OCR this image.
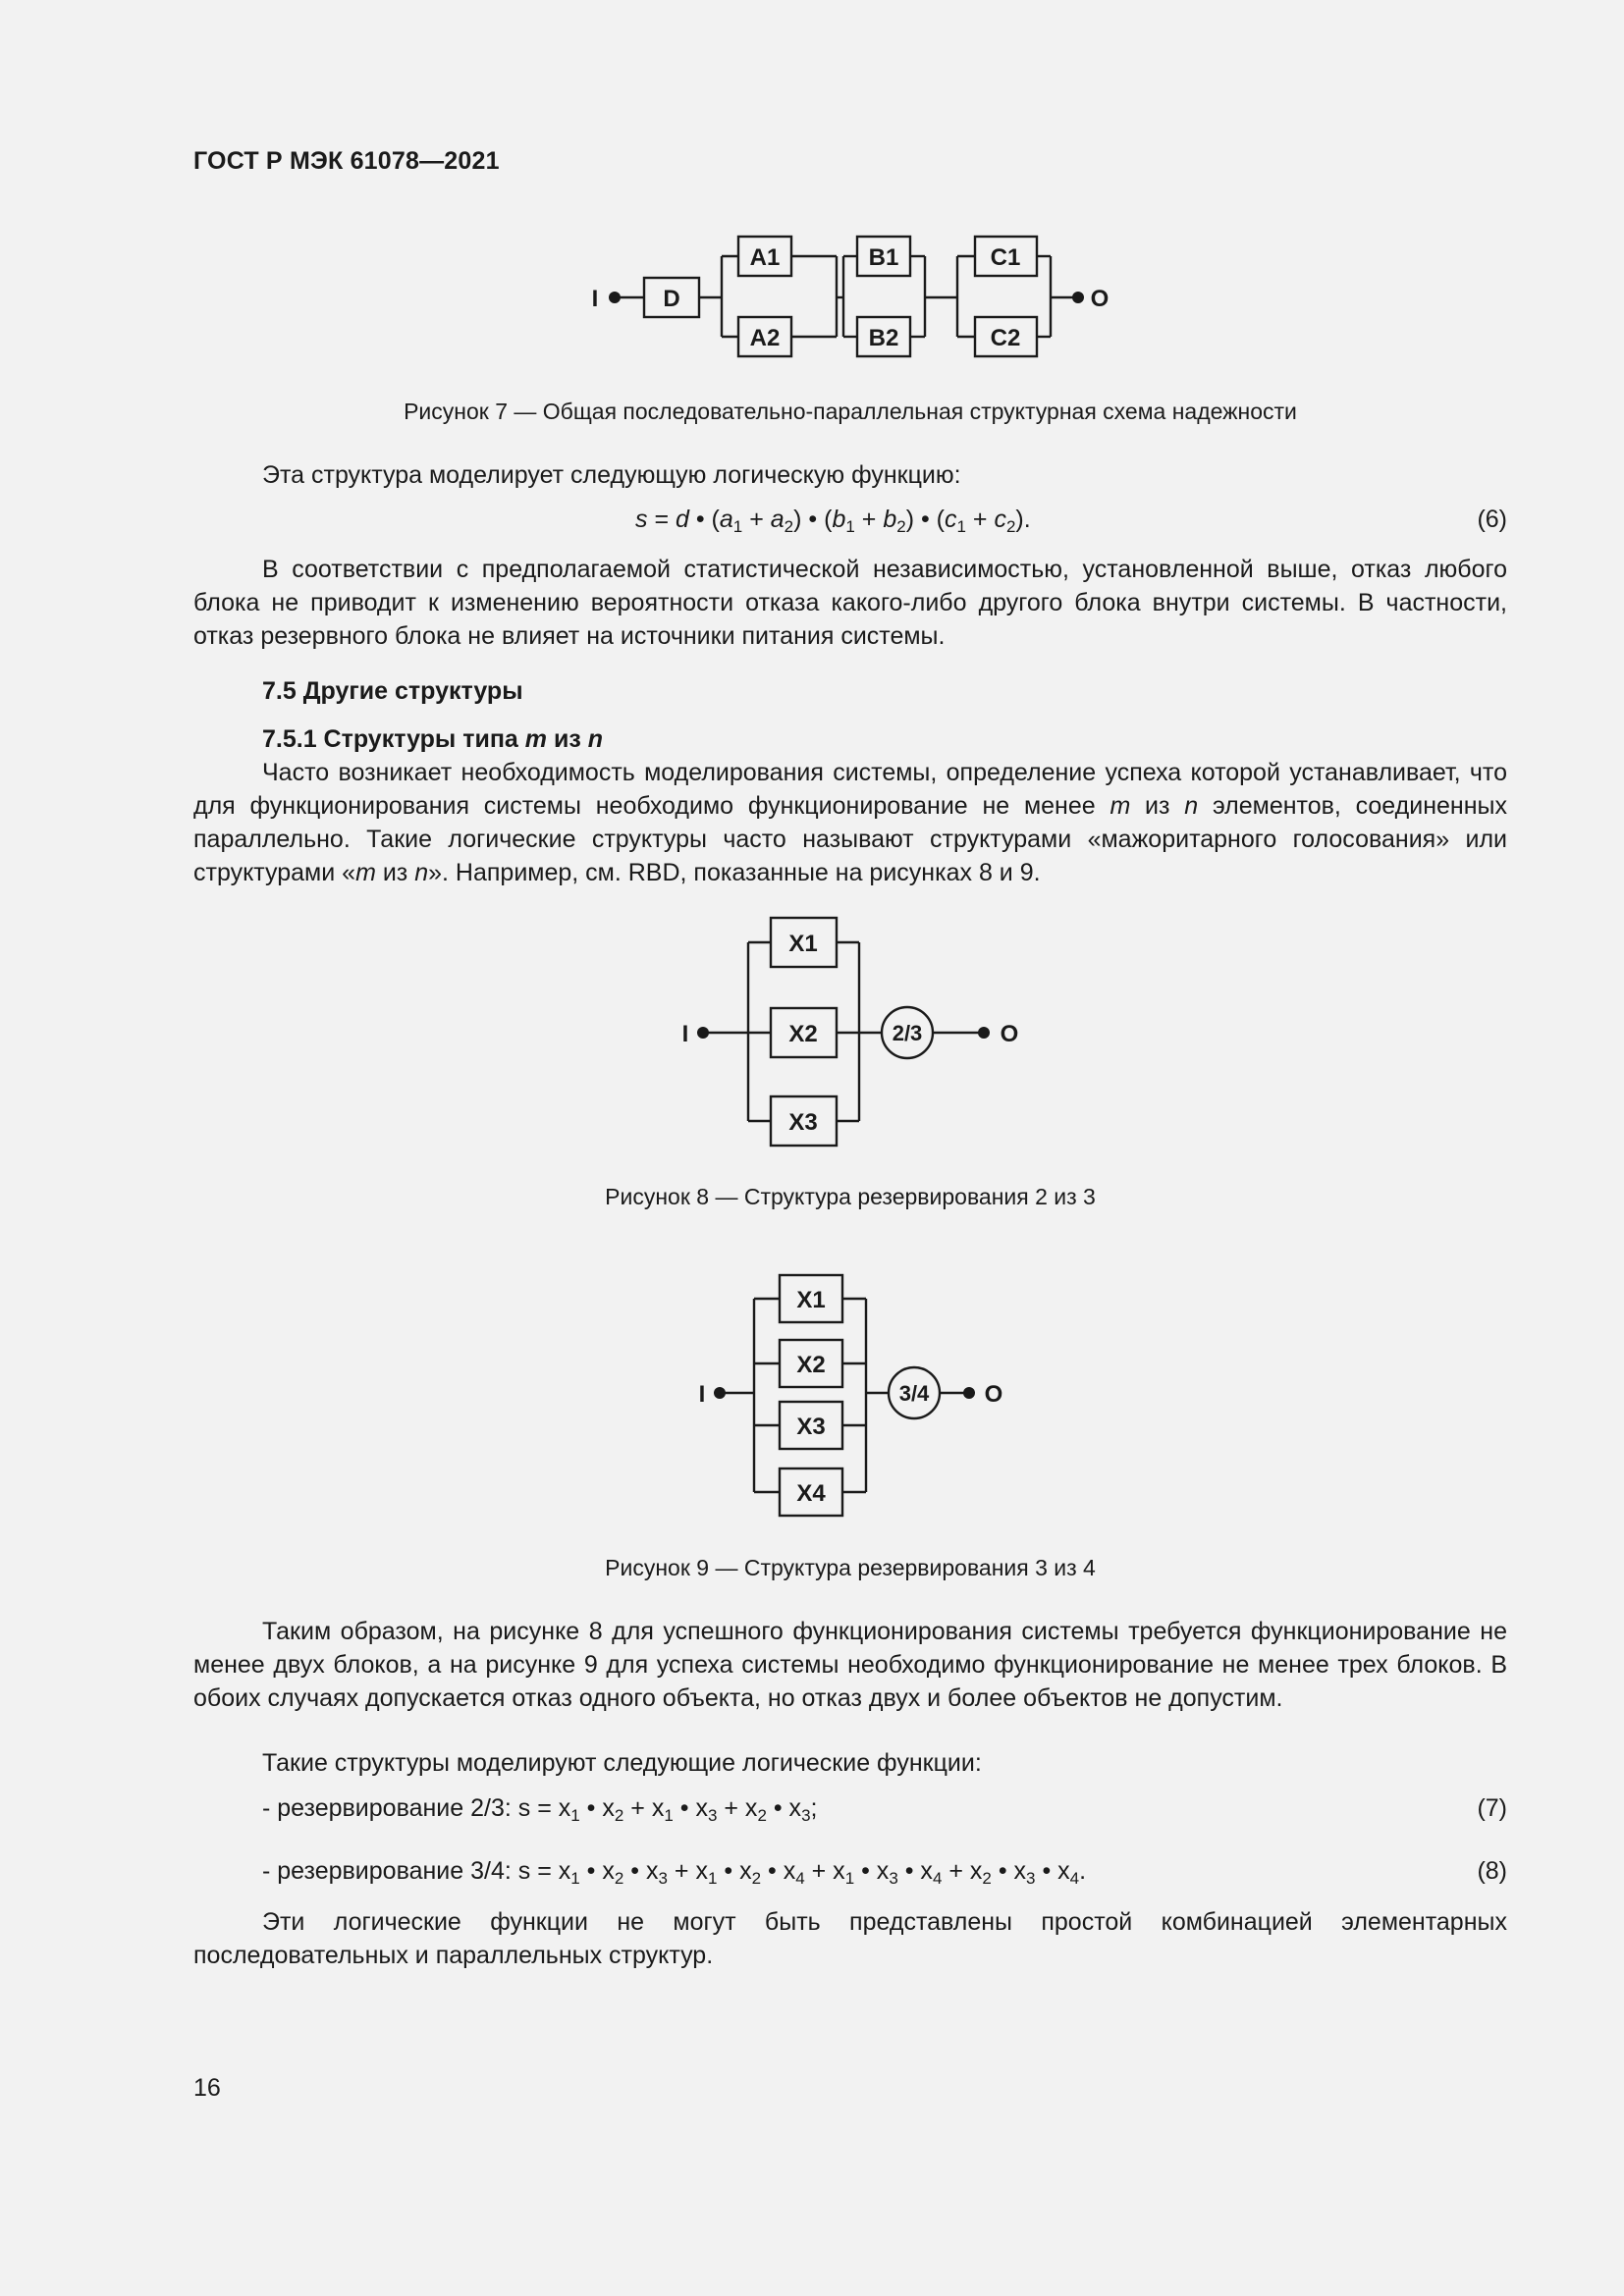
ГОСТ Р МЭК 61078—2021
I	O
D
A1
A2
B1
B2
C1
C2
Рисунок 7 — Общая последовательно-параллельная структурная схема надежности
Эта структура моделирует следующую логическую функцию:
s = d • $(a_1 + a_2)$ • $(b_1 + b_2)$ • $(c_1 + c_2)$.	(6)
В соответствии с предполагаемой статистической независимостью, установленной выше, отказ любого блока не приводит к изменению вероятности отказа какого-либо другого блока внутри системы. В частности, отказ резервного блока не влияет на источники питания системы.
7.5 Другие структуры
7.5.1 Структуры типа m из n
Часто возникает необходимость моделирования системы, определение успеха которой устанавливает, что для функционирования системы необходимо функционирование не менее m из n элементов, соединенных параллельно. Такие логические структуры часто называют структурами «мажоритарного голосования» или структурами «m из n». Например, см. RBD, показанные на рисунках 8 и 9.
I	O
X1
X2
X3
2/3
Рисунок 8 — Структура резервирования 2 из 3
I	O
X1
X2
X3
X4
3/4
Рисунок 9 — Структура резервирования 3 из 4
Таким образом, на рисунке 8 для успешного функционирования системы требуется функционирование не менее двух блоков, а на рисунке 9 для успеха системы необходимо функционирование не менее трех блоков. В обоих случаях допускается отказ одного объекта, но отказ двух и более объектов не допустим.
Такие структуры моделируют следующие логические функции:
- резервирование 2/3: $s = x_1$ • $x_2 + x_1$ • $x_3 + x_2$ • $x_3$;	(7)
- резервирование 3/4: $s = x_1$ • $x_2$ • $x_3 + x_1$ • $x_2$ • $x_4 + x_1$ • $x_3$ • $x_4 + x_2$ • $x_3$ • $x_4$.	(8)
Эти логические функции не могут быть представлены простой комбинацией элементарных последовательных и параллельных структур.
16
